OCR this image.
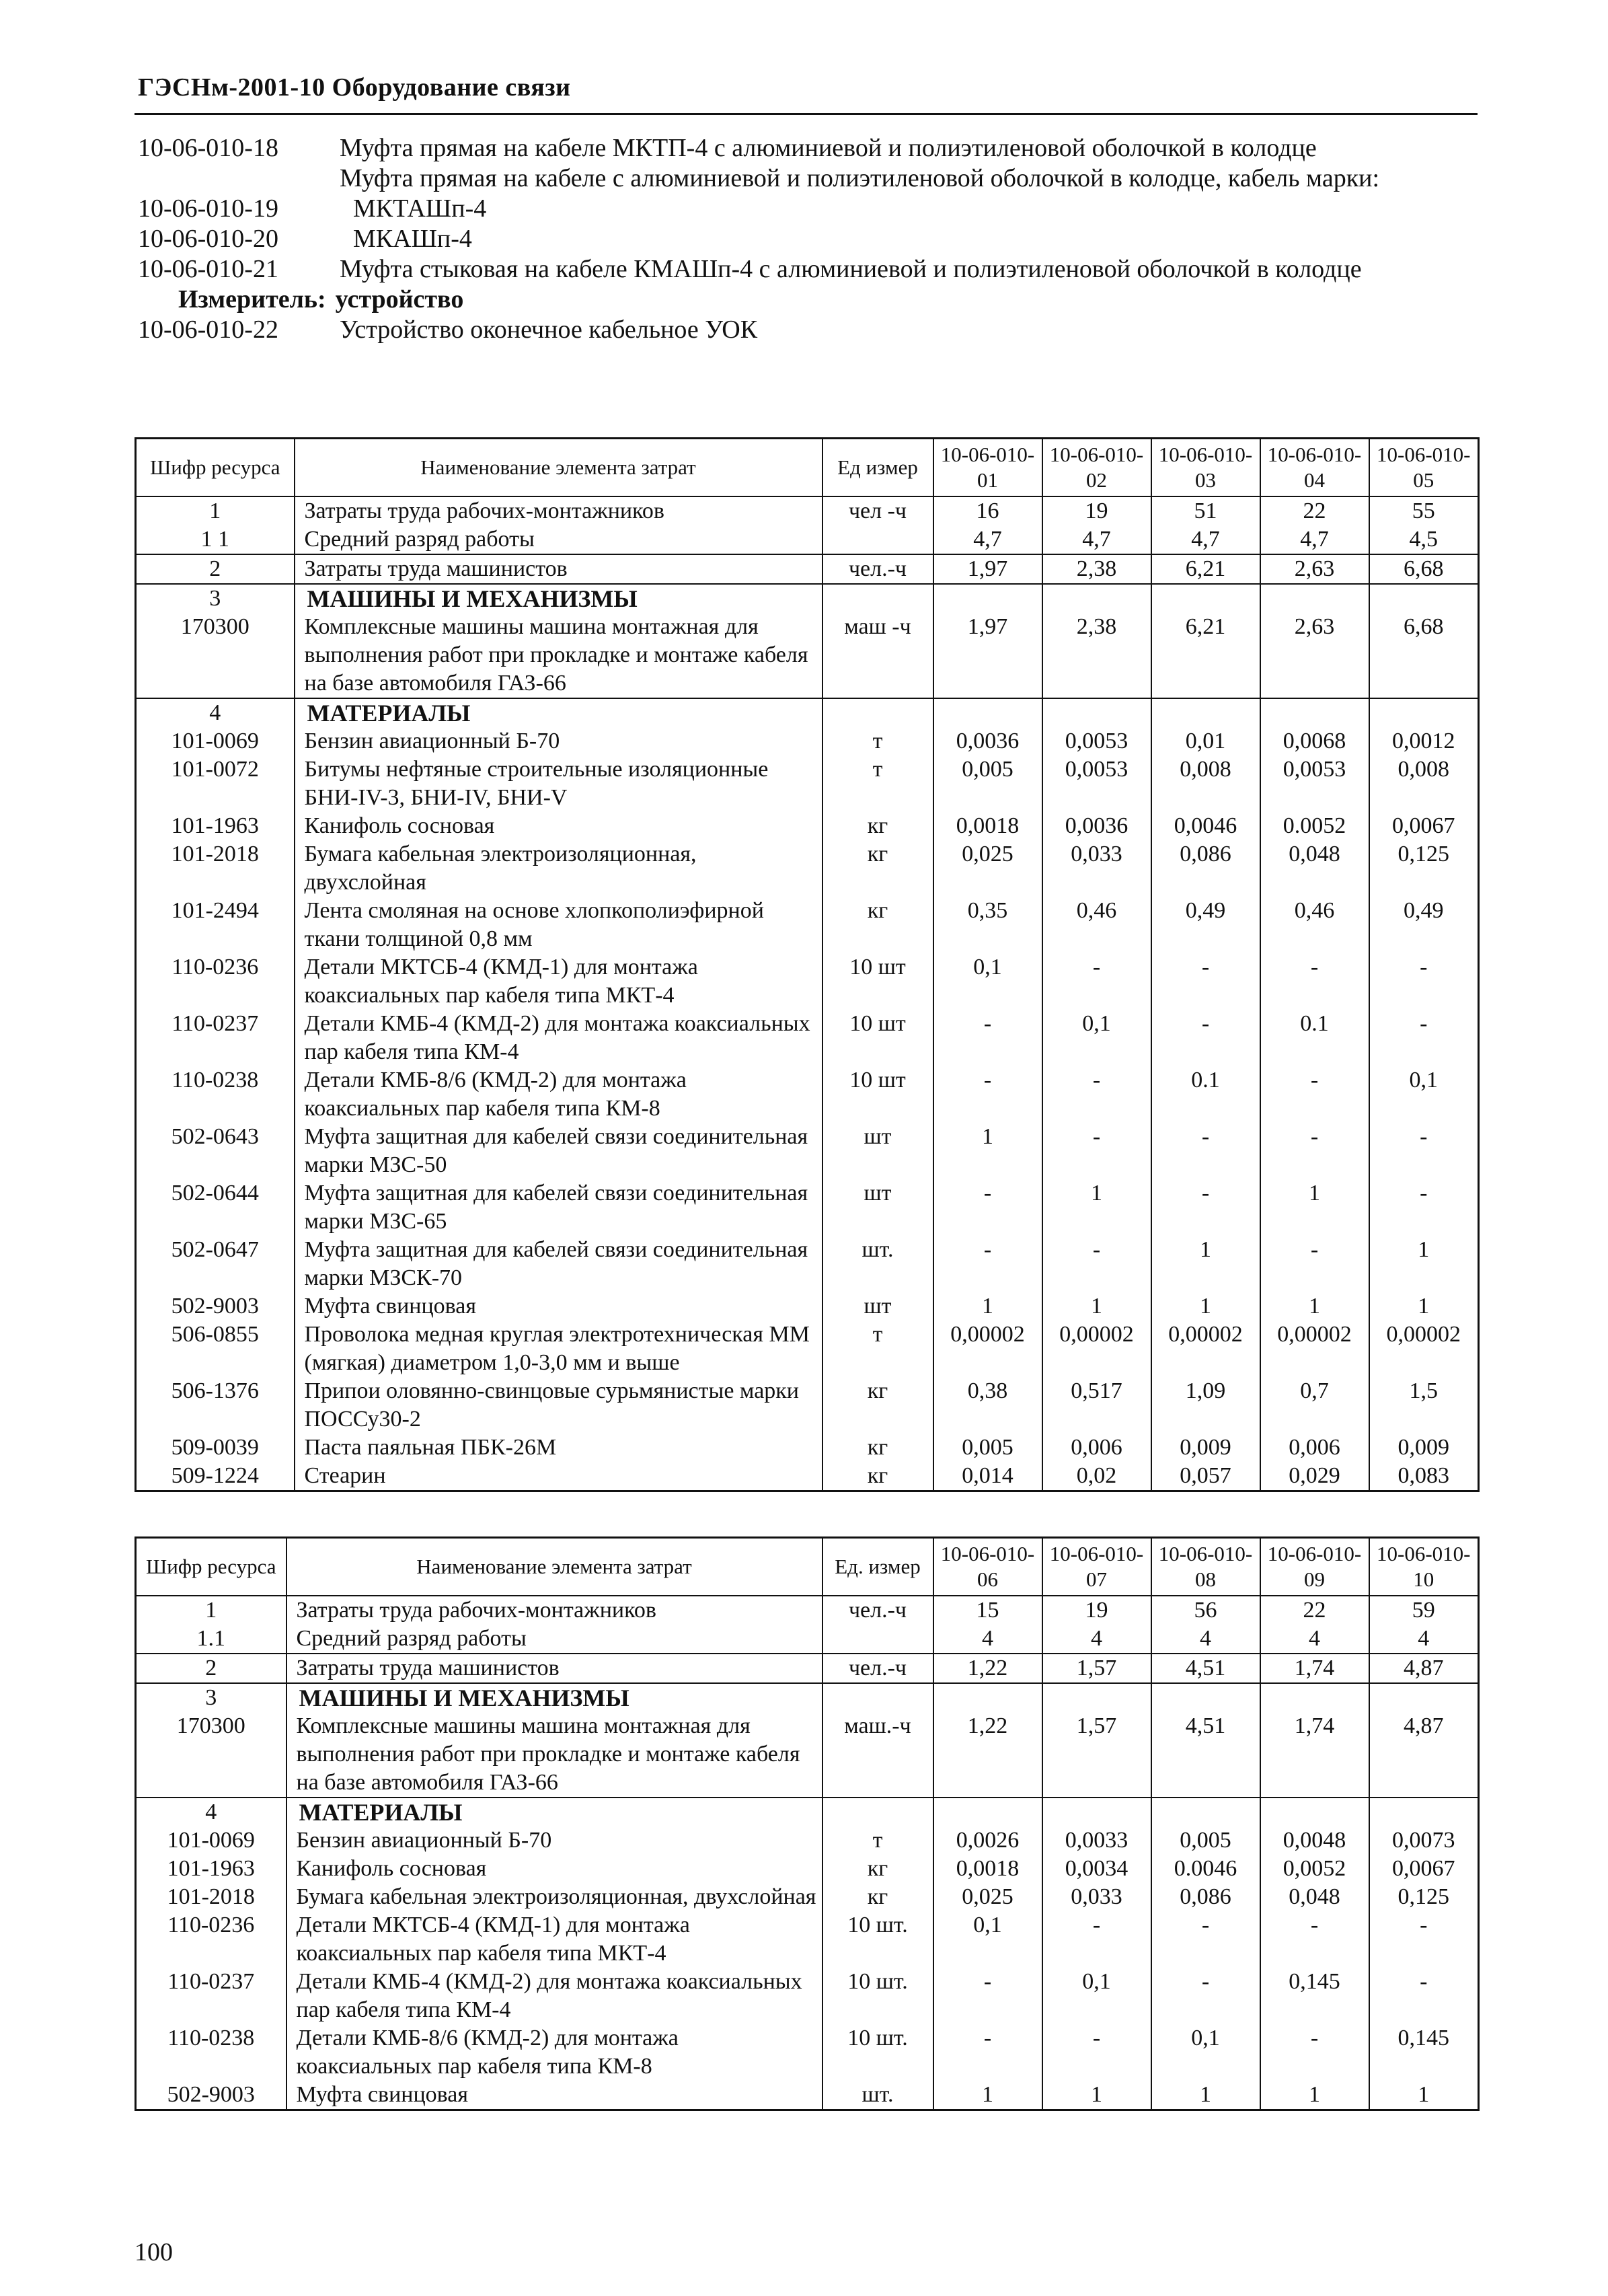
ГЭСНм-2001-10 Оборудование связи
10-06-010-18	Муфта прямая на кабеле МКТП-4 с алюминиевой и полиэтиленовой оболочкой в колодце
Муфта прямая на кабеле с алюминиевой и полиэтиленовой оболочкой в колодце, кабель марки:
10-06-010-19	МКТАШп-4
10-06-010-20	МКАШп-4
10-06-010-21	Муфта стыковая на кабеле КМАШп-4 с алюминиевой и полиэтиленовой оболочкой в колодце
Измеритель: устройство
10-06-010-22	Устройство оконечное кабельное УОК
Шифр ресурса	Наименование элемента затрат	Ед измер	10-06-010-01	10-06-010-02	10-06-010-03	10-06-010-04	10-06-010-05
1	Затраты труда рабочих-монтажников	чел -ч	16	19	51	22	55
1 1	Средний разряд работы		4,7	4,7	4,7	4,7	4,5
2	Затраты труда машинистов	чел.-ч	1,97	2,38	6,21	2,63	6,68
3	МАШИНЫ И МЕХАНИЗМЫ						
170300	Комплексные машины машина монтажная для выполнения работ при прокладке и монтаже кабеля на базе автомобиля ГАЗ-66	маш -ч	1,97	2,38	6,21	2,63	6,68
4	МАТЕРИАЛЫ						
101-0069	Бензин авиационный Б-70	т	0,0036	0,0053	0,01	0,0068	0,0012
101-0072	Битумы нефтяные строительные изоляционные БНИ-IV-3, БНИ-IV, БНИ-V	т	0,005	0,0053	0,008	0,0053	0,008
101-1963	Канифоль сосновая	кг	0,0018	0,0036	0,0046	0.0052	0,0067
101-2018	Бумага кабельная электроизоляционная, двухслойная	кг	0,025	0,033	0,086	0,048	0,125
101-2494	Лента смоляная на основе хлопкополиэфирной ткани толщиной 0,8 мм	кг	0,35	0,46	0,49	0,46	0,49
110-0236	Детали МКТСБ-4 (КМД-1) для монтажа коаксиальных пар кабеля типа МКТ-4	10 шт	0,1	-	-	-	-
110-0237	Детали КМБ-4 (КМД-2) для монтажа коаксиальных пар кабеля типа КМ-4	10 шт	-	0,1	-	0.1	-
110-0238	Детали КМБ-8/6 (КМД-2) для монтажа коаксиальных пар кабеля типа КМ-8	10 шт	-	-	0.1	-	0,1
502-0643	Муфта защитная для кабелей связи соединительная марки МЗС-50	шт	1	-	-	-	-
502-0644	Муфта защитная для кабелей связи соединительная марки МЗС-65	шт	-	1	-	1	-
502-0647	Муфта защитная для кабелей связи соединительная марки МЗСК-70	шт.	-	-	1	-	1
502-9003	Муфта свинцовая	шт	1	1	1	1	1
506-0855	Проволока медная круглая электротехническая ММ (мягкая) диаметром 1,0-3,0 мм и выше	т	0,00002	0,00002	0,00002	0,00002	0,00002
506-1376	Припои оловянно-свинцовые сурьмянистые марки ПОССу30-2	кг	0,38	0,517	1,09	0,7	1,5
509-0039	Паста паяльная ПБК-26М	кг	0,005	0,006	0,009	0,006	0,009
509-1224	Стеарин	кг	0,014	0,02	0,057	0,029	0,083
Шифр ресурса	Наименование элемента затрат	Ед. измер	10-06-010-06	10-06-010-07	10-06-010-08	10-06-010-09	10-06-010-10
1	Затраты труда рабочих-монтажников	чел.-ч	15	19	56	22	59
1.1	Средний разряд работы		4	4	4	4	4
2	Затраты труда машинистов	чел.-ч	1,22	1,57	4,51	1,74	4,87
3	МАШИНЫ И МЕХАНИЗМЫ						
170300	Комплексные машины машина монтажная для выполнения работ при прокладке и монтаже кабеля на базе автомобиля ГАЗ-66	маш.-ч	1,22	1,57	4,51	1,74	4,87
4	МАТЕРИАЛЫ						
101-0069	Бензин авиационный Б-70	т	0,0026	0,0033	0,005	0,0048	0,0073
101-1963	Канифоль сосновая	кг	0,0018	0,0034	0.0046	0,0052	0,0067
101-2018	Бумага кабельная электроизоляционная, двухслойная	кг	0,025	0,033	0,086	0,048	0,125
110-0236	Детали МКТСБ-4 (КМД-1) для монтажа коаксиальных пар кабеля типа МКТ-4	10 шт.	0,1	-	-	-	-
110-0237	Детали КМБ-4 (КМД-2) для монтажа коаксиальных пар кабеля типа КМ-4	10 шт.	-	0,1	-	0,145	-
110-0238	Детали КМБ-8/6 (КМД-2) для монтажа коаксиальных пар кабеля типа КМ-8	10 шт.	-	-	0,1	-	0,145
502-9003	Муфта свинцовая	шт.	1	1	1	1	1
100
